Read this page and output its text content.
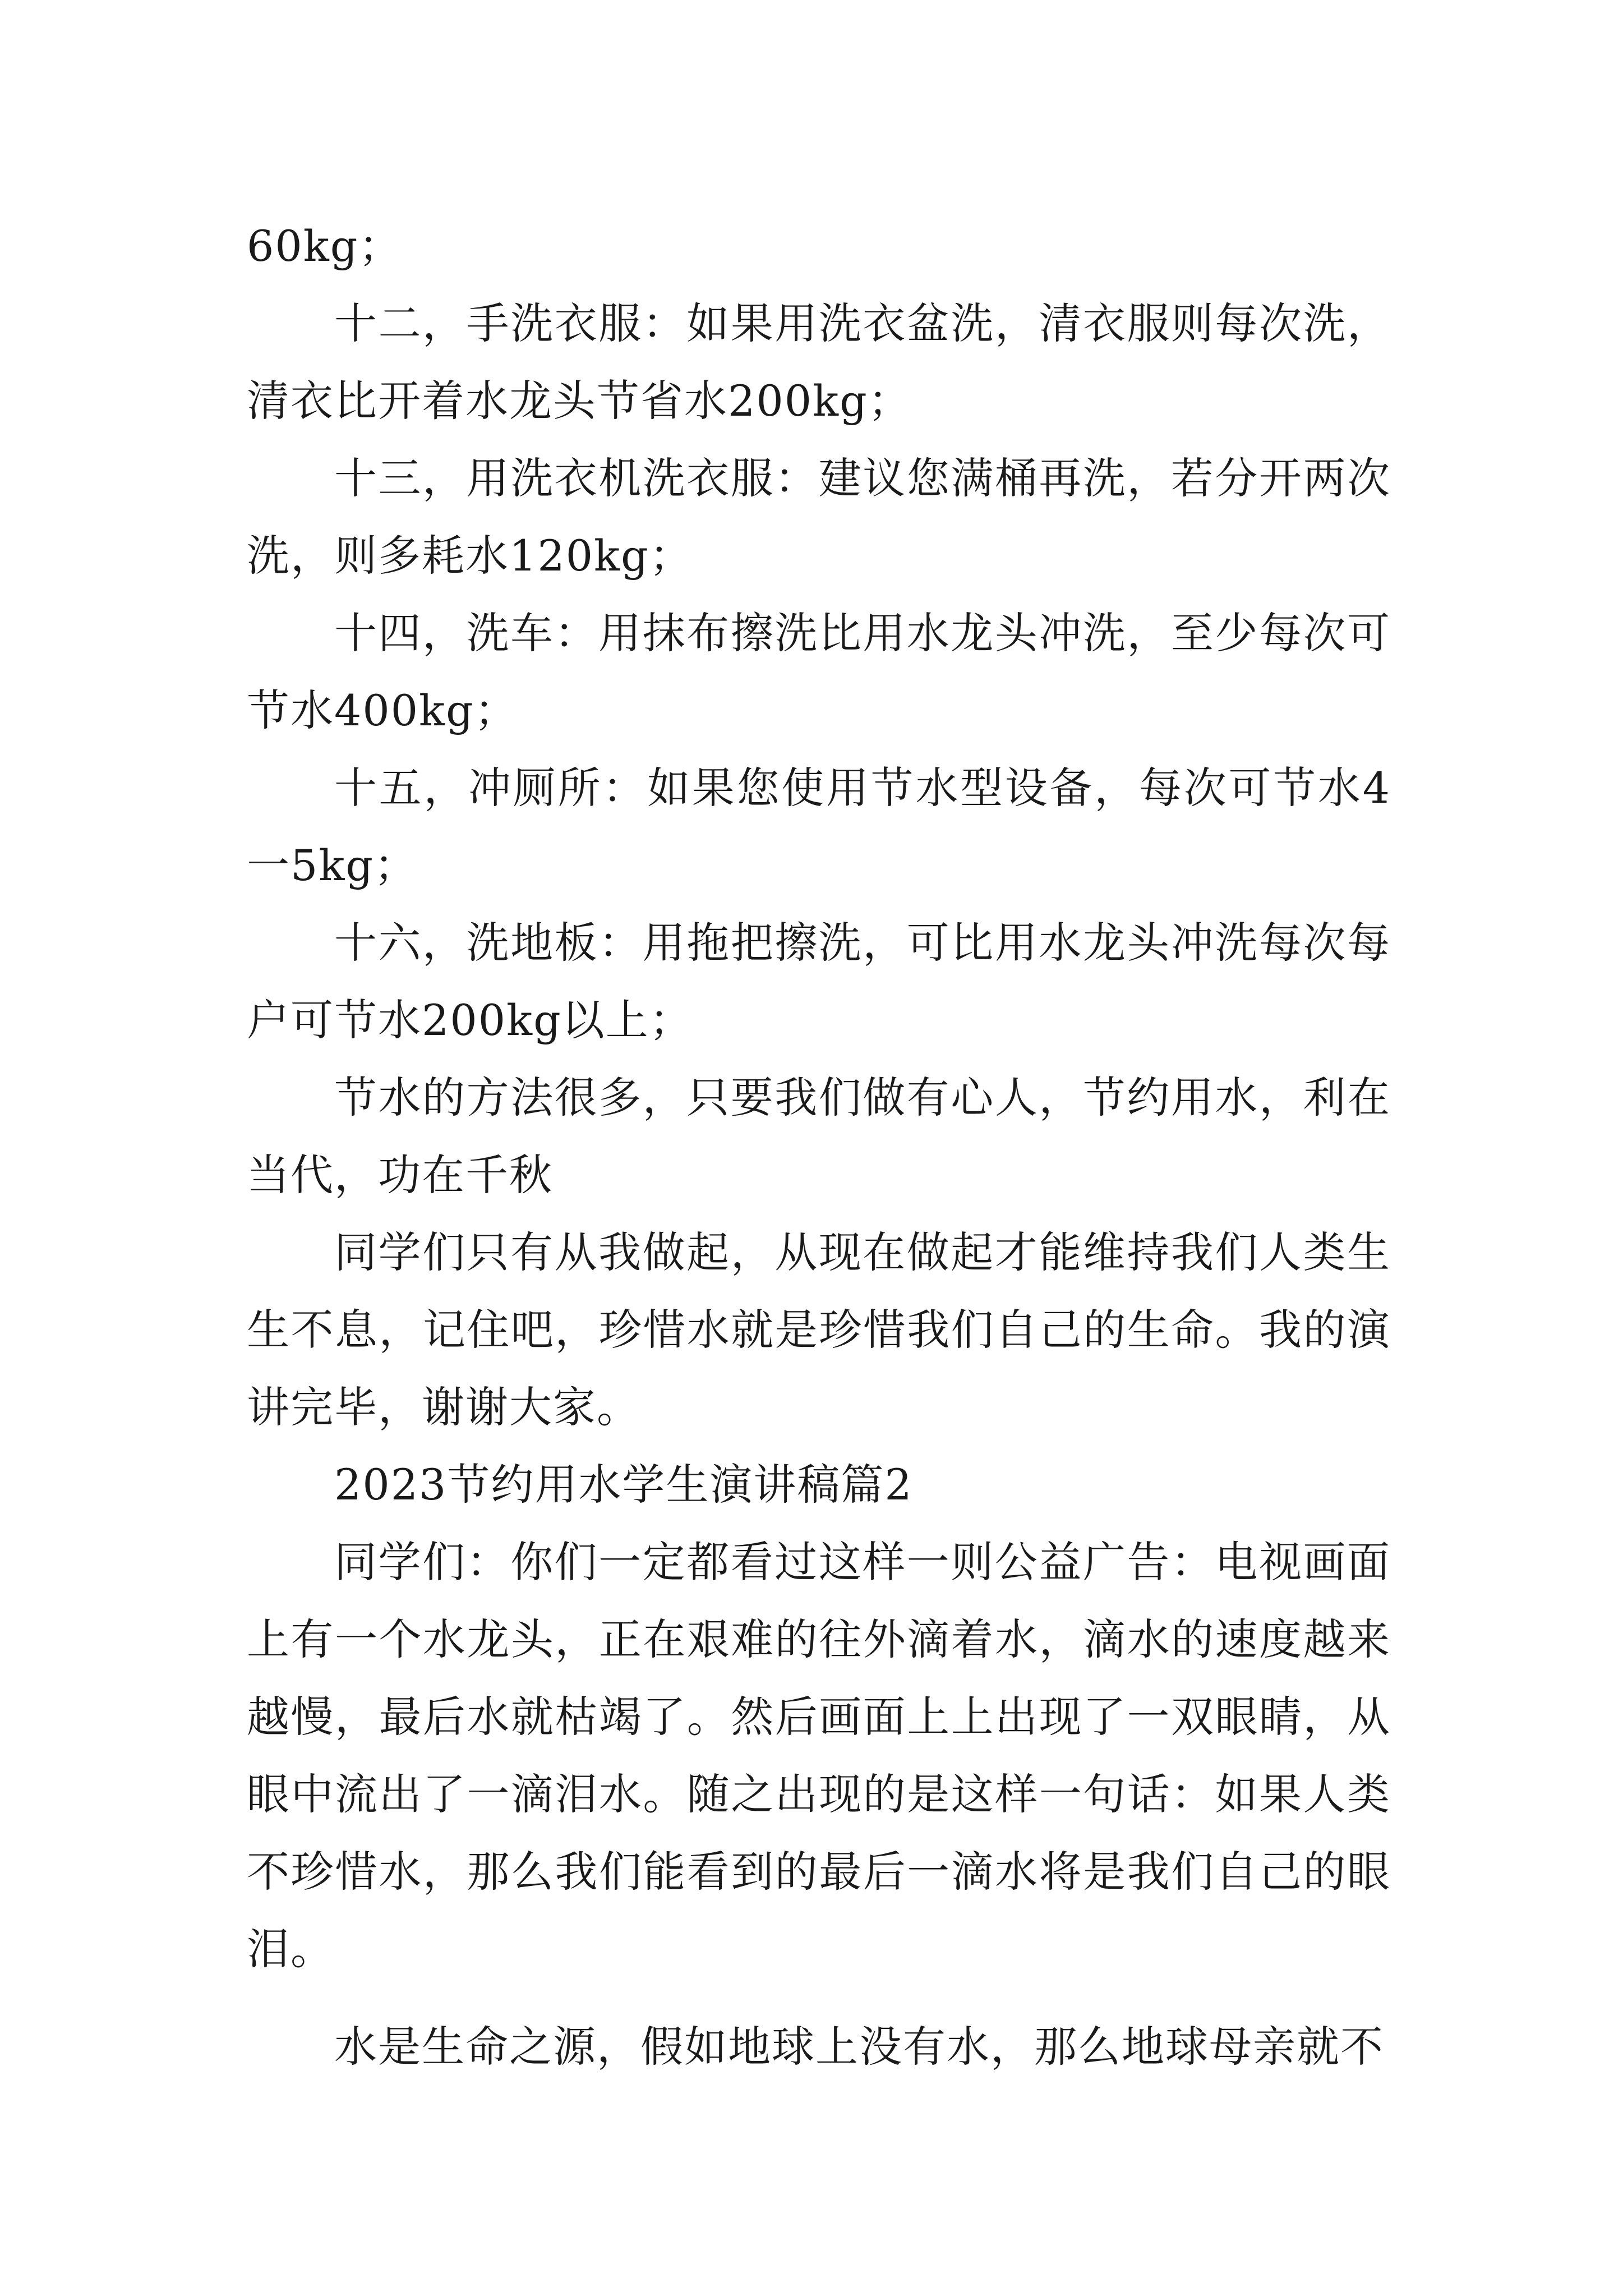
60kg；

十二，手洗衣服：如果用洗衣盆洗，清衣服则每次洗，清衣比开着水龙头节省水200kg；

十三，用洗衣机洗衣服：建议您满桶再洗，若分开两次洗，则多耗水120kg；

十四，洗车：用抹布擦洗比用水龙头冲洗，至少每次可节水400kg；

十五，冲厕所：如果您使用节水型设备，每次可节水4一5kg；

十六，洗地板：用拖把擦洗，可比用水龙头冲洗每次每户可节水200kg以上；

节水的方法很多，只要我们做有心人，节约用水，利在当代，功在千秋

同学们只有从我做起，从现在做起才能维持我们人类生生不息，记住吧，珍惜水就是珍惜我们自己的生命。我的演讲完毕，谢谢大家。

2023节约用水学生演讲稿篇2

同学们：你们一定都看过这样一则公益广告：电视画面上有一个水龙头，正在艰难的往外滴着水，滴水的速度越来越慢，最后水就枯竭了。然后画面上上出现了一双眼睛，从眼中流出了一滴泪水。随之出现的是这样一句话：如果人类不珍惜水，那么我们能看到的最后一滴水将是我们自己的眼泪。

水是生命之源，假如地球上没有水，那么地球母亲就不
